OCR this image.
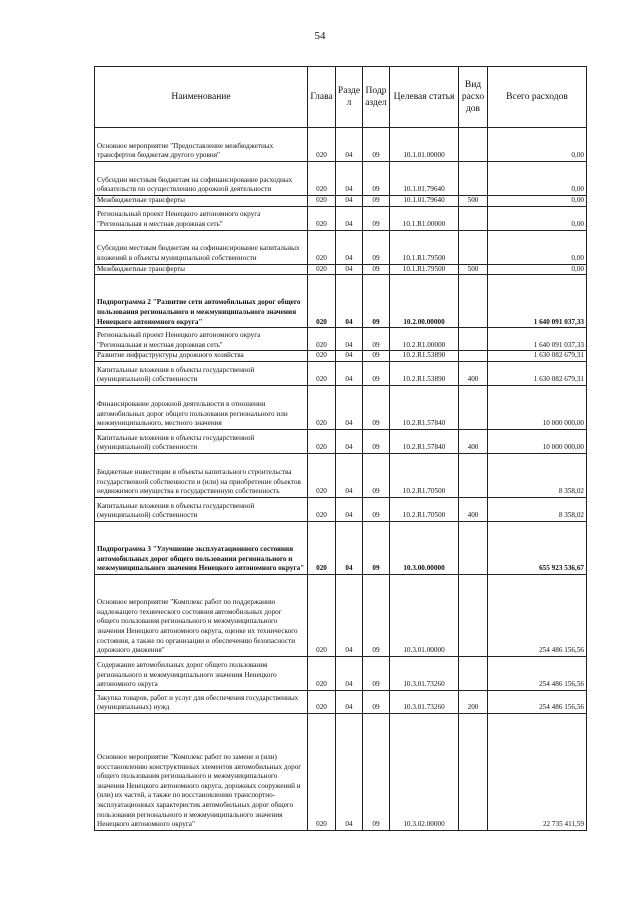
54
Наименование	Глава	Разде л	Подр аздел	Целевая статья	Вид расхо дов	Всего расходов
Основное мероприятие "Предоставление межбюджетных трансфертов бюджетам другого уровня"	020	04	09	10.1.01.00000		0,00
Субсидии местным бюджетам на софинансирование расходных обязательств по осуществлению дорожной деятельности	020	04	09	10.1.01.79640		0,00
Межбюджетные трансферты	020	04	09	10.1.01.79640	500	0,00
Региональный проект Ненецкого автономного округа "Региональная и местная дорожная сеть"	020	04	09	10.1.R1.00000		0,00
Субсидии местным бюджетам на софинансирование капитальных вложений в объекты муниципальной собственности	020	04	09	10.1.R1.79500		0,00
Межбюджетные трансферты	020	04	09	10.1.R1.79500	500	0,00
Подпрограмма 2 "Развитие сети автомобильных дорог общего пользования регионального и межмуниципального значения Ненецкого автономного округа"	020	04	09	10.2.00.00000		1 640 091 037,33
Региональный проект Ненецкого автономного округа "Региональная и местная дорожная сеть"	020	04	09	10.2.R1.00000		1 640 091 037,33
Развитие инфраструктуры дорожного хозяйства	020	04	09	10.2.R1.53890		1 630 082 679,31
Капитальные вложения в объекты государственной (муниципальной) собственности	020	04	09	10.2.R1.53890	400	1 630 082 679,31
Финансирование дорожной деятельности в отношении автомобильных дорог общего пользования регионального или межмуниципального, местного значения	020	04	09	10.2.R1.57840		10 000 000,00
Капитальные вложения в объекты государственной (муниципальной) собственности	020	04	09	10.2.R1.57840	400	10 000 000,00
Бюджетные инвестиции в объекты капитального строительства государственной собственности и (или) на приобретение объектов недвижимого имущества в государственную собственность	020	04	09	10.2.R1.70500		8 358,02
Капитальные вложения в объекты государственной (муниципальной) собственности	020	04	09	10.2.R1.70500	400	8 358,02
Подпрограмма 3 "Улучшение эксплуатационного состояния автомобильных дорог общего пользования регионального и межмуниципального значения Ненецкого автономного округа"	020	04	09	10.3.00.00000		655 923 536,67
Основное мероприятие "Комплекс работ по поддержанию надлежащего технического состояния автомобильных дорог общего пользования регионального и межмуниципального значения Ненецкого автономного округа, оценке их технического состояния, а также по организации и обеспечению безопасности дорожного движения"	020	04	09	10.3.01.00000		254 486 156,56
Содержание автомобильных дорог общего пользования регионального и межмуниципального значения Ненецкого автономного округа	020	04	09	10.3.01.73260		254 486 156,56
Закупка товаров, работ и услуг для обеспечения государственных (муниципальных) нужд	020	04	09	10.3.01.73260	200	254 486 156,56
Основное мероприятие "Комплекс работ по замене и (или) восстановлению конструктивных элементов автомобильных дорог общего пользования регионального и межмуниципального значения Ненецкого автономного округа, дорожных сооружений и (или) их частей, а также по восстановлению транспортно-эксплуатационных характеристик автомобильных дорог общего пользования регионального и межмуниципального значения Ненецкого автономного округа"	020	04	09	10.3.02.00000		22 735 411,59
